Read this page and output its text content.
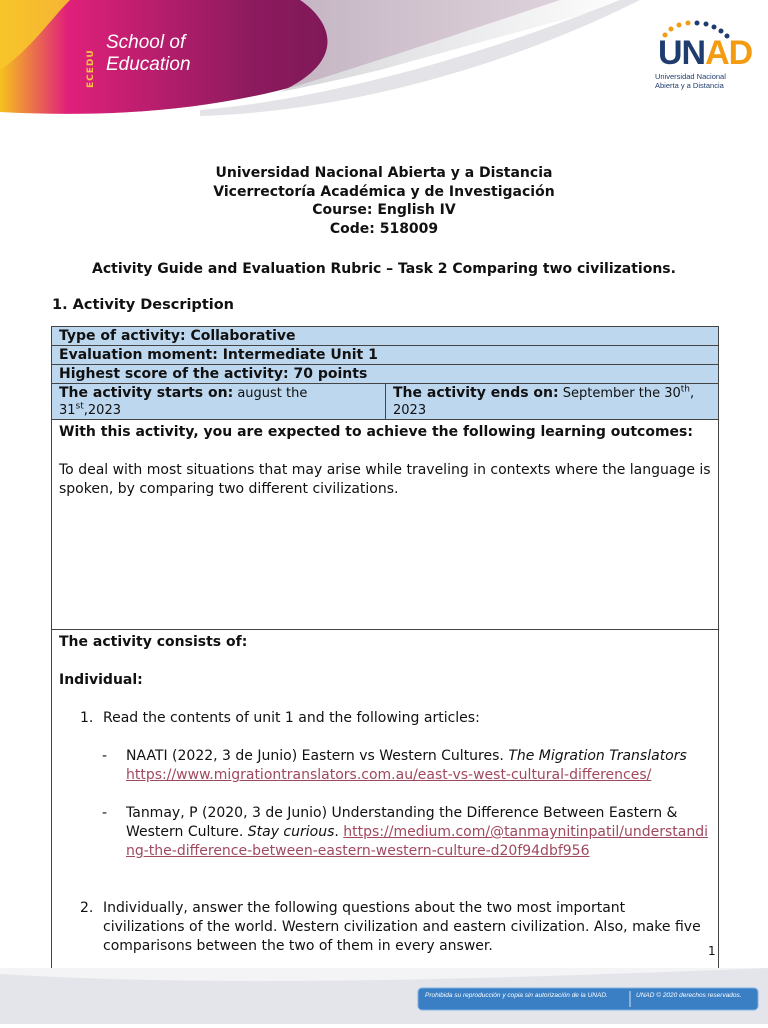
ECEDU
School of
Education	UNAD
Universidad Nacional
Abierta y a Distancia
Universidad Nacional Abierta y a Distancia
Vicerrectoría Académica y de Investigación
Course: English IV
Code: 518009
Activity Guide and Evaluation Rubric – Task 2 Comparing two civilizations.
1. Activity Description
Type of activity: Collaborative
Evaluation moment: Intermediate Unit 1
Highest score of the activity: 70 points
The activity starts on: august the
31st,2023
The activity ends on: September the 30th,
2023
With this activity, you are expected to achieve the following learning outcomes:
To deal with most situations that may arise while traveling in contexts where the language is spoken, by comparing two different civilizations.
The activity consists of:
Individual:
1. Read the contents of unit 1 and the following articles:
- NAATI (2022, 3 de Junio) Eastern vs Western Cultures. The Migration Translators https://www.migrationtranslators.com.au/east-vs-west-cultural-differences/
- Tanmay, P (2020, 3 de Junio) Understanding the Difference Between Eastern & Western Culture. Stay curious. https://medium.com/@tanmaynitinpatil/understanding-the-difference-between-eastern-western-culture-d20f94dbf956
2. Individually, answer the following questions about the two most important civilizations of the world. Western civilization and eastern civilization. Also, make five comparisons between the two of them in every answer.	1
Prohibida su reproducción y copia sin autorización de la UNAD.	UNAD © 2020 derechos reservados.
